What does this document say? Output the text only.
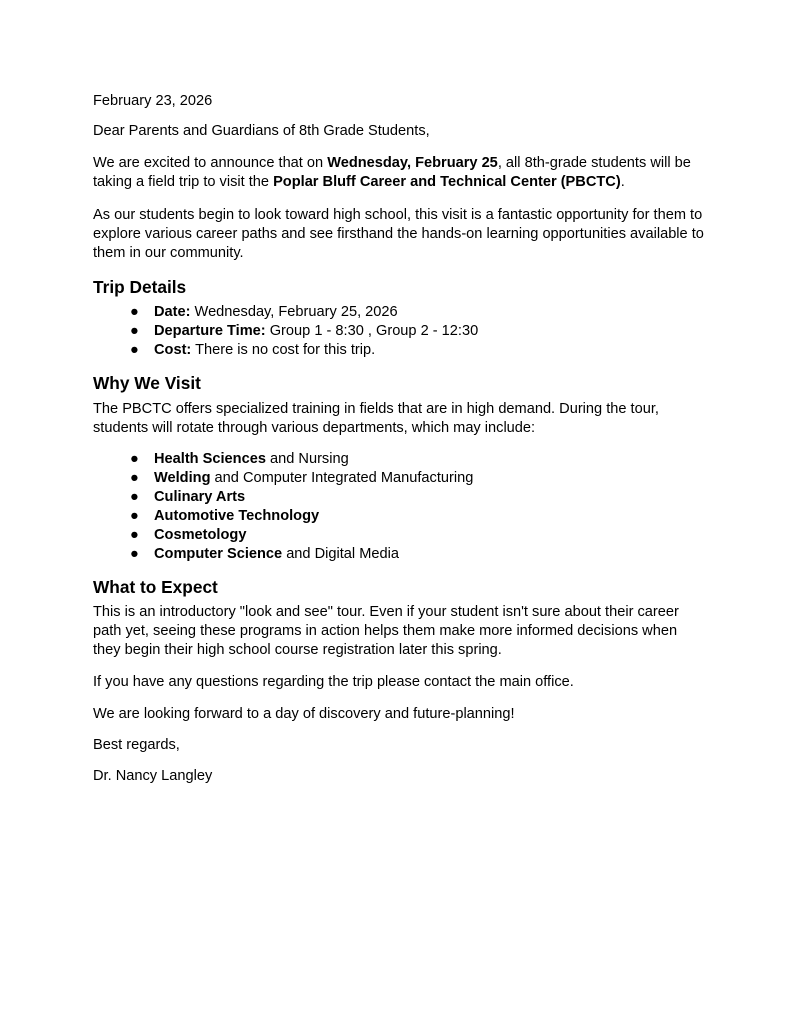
February 23, 2026
Dear Parents and Guardians of 8th Grade Students,
We are excited to announce that on Wednesday, February 25, all 8th-grade students will be taking a field trip to visit the Poplar Bluff Career and Technical Center (PBCTC).
As our students begin to look toward high school, this visit is a fantastic opportunity for them to explore various career paths and see firsthand the hands-on learning opportunities available to them in our community.
Trip Details
● Date: Wednesday, February 25, 2026
● Departure Time: Group 1 - 8:30 , Group 2 - 12:30
● Cost: There is no cost for this trip.
Why We Visit
The PBCTC offers specialized training in fields that are in high demand. During the tour, students will rotate through various departments, which may include:
● Health Sciences and Nursing
● Welding and Computer Integrated Manufacturing
● Culinary Arts
● Automotive Technology
● Cosmetology
● Computer Science and Digital Media
What to Expect
This is an introductory "look and see" tour. Even if your student isn't sure about their career path yet, seeing these programs in action helps them make more informed decisions when they begin their high school course registration later this spring.
If you have any questions regarding the trip please contact the main office.
We are looking forward to a day of discovery and future-planning!
Best regards,
Dr. Nancy Langley
